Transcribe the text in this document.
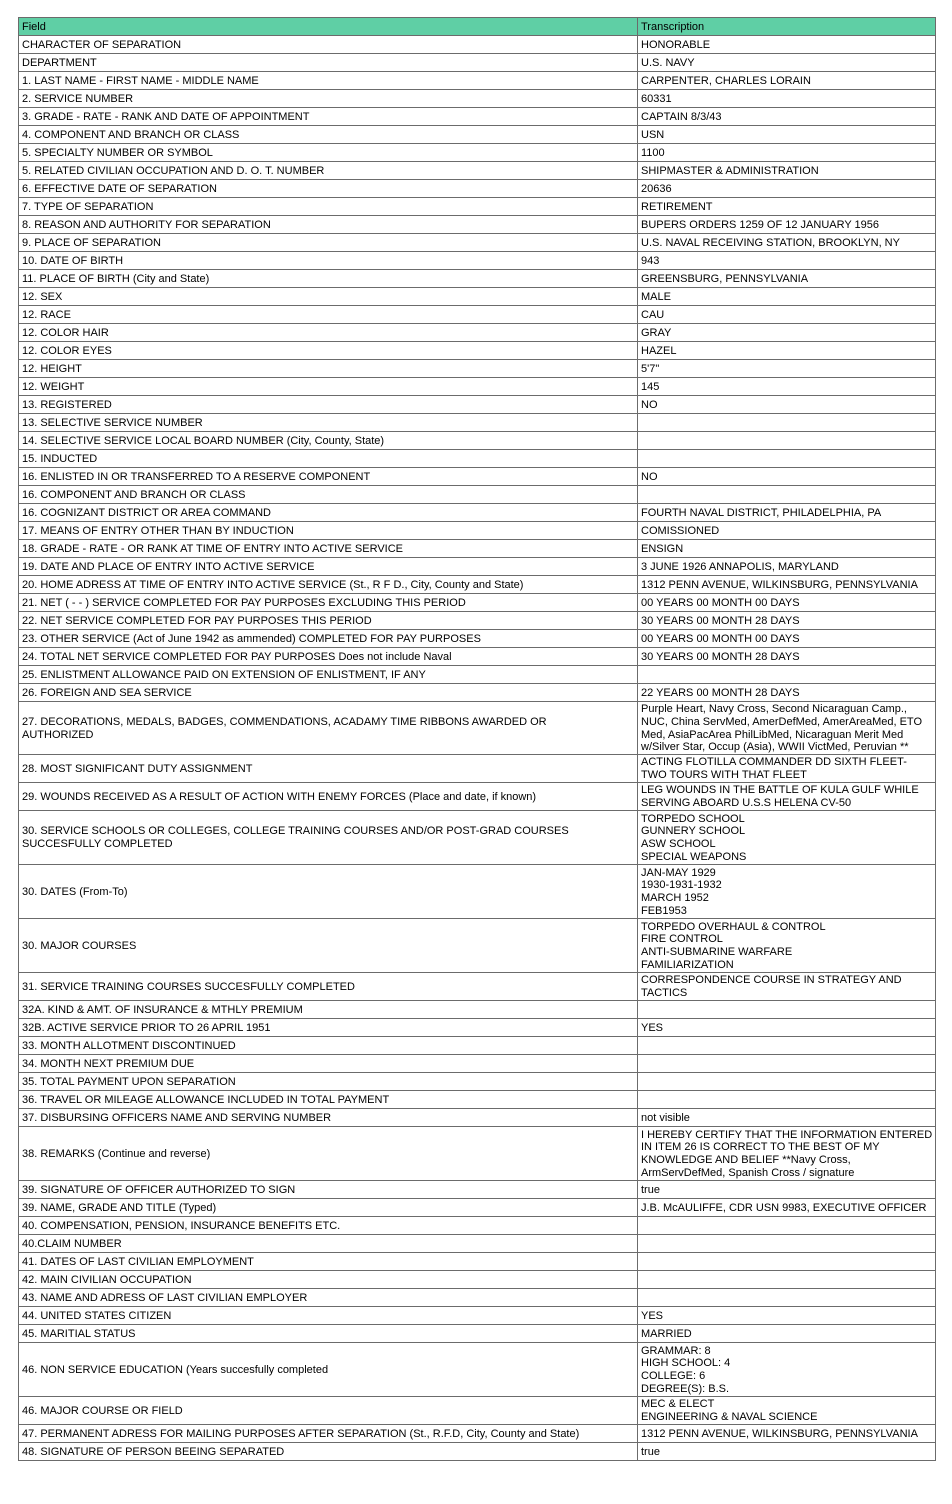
Field	Transcription
CHARACTER OF SEPARATION	HONORABLE
DEPARTMENT	U.S. NAVY
1. LAST NAME - FIRST NAME - MIDDLE NAME	CARPENTER, CHARLES LORAIN
2. SERVICE NUMBER	60331
3. GRADE - RATE - RANK AND DATE OF APPOINTMENT	CAPTAIN 8/3/43
4. COMPONENT AND BRANCH OR CLASS	USN
5. SPECIALTY NUMBER OR SYMBOL	1100
5. RELATED CIVILIAN OCCUPATION AND D. O. T. NUMBER	SHIPMASTER & ADMINISTRATION
6. EFFECTIVE DATE OF SEPARATION	20636
7. TYPE OF SEPARATION	RETIREMENT
8. REASON AND AUTHORITY FOR SEPARATION	BUPERS ORDERS 1259 OF 12 JANUARY 1956
9. PLACE OF SEPARATION	U.S. NAVAL RECEIVING STATION, BROOKLYN, NY
10. DATE OF BIRTH	943
11. PLACE OF BIRTH (City and State)	GREENSBURG, PENNSYLVANIA
12. SEX	MALE
12. RACE	CAU
12. COLOR HAIR	GRAY
12. COLOR EYES	HAZEL
12. HEIGHT	5'7"
12. WEIGHT	145
13. REGISTERED	NO
13. SELECTIVE SERVICE NUMBER	
14. SELECTIVE SERVICE LOCAL BOARD NUMBER (City, County, State)	
15. INDUCTED	
16. ENLISTED IN OR TRANSFERRED TO A RESERVE COMPONENT	NO
16. COMPONENT AND BRANCH OR CLASS	
16. COGNIZANT DISTRICT OR AREA COMMAND	FOURTH NAVAL DISTRICT, PHILADELPHIA, PA
17. MEANS OF ENTRY OTHER THAN BY INDUCTION	COMISSIONED
18. GRADE - RATE - OR RANK AT TIME OF ENTRY INTO ACTIVE SERVICE	ENSIGN
19. DATE AND PLACE OF ENTRY INTO ACTIVE SERVICE	3 JUNE 1926 ANNAPOLIS, MARYLAND
20. HOME ADRESS AT TIME OF ENTRY INTO ACTIVE SERVICE (St., R F D., City, County and State)	1312 PENN AVENUE, WILKINSBURG, PENNSYLVANIA
21. NET ( - - ) SERVICE COMPLETED FOR PAY PURPOSES EXCLUDING THIS PERIOD	00 YEARS 00 MONTH 00 DAYS
22. NET SERVICE COMPLETED FOR PAY PURPOSES THIS PERIOD	30 YEARS 00 MONTH 28 DAYS
23. OTHER SERVICE (Act of June 1942 as ammended) COMPLETED FOR PAY PURPOSES	00 YEARS 00 MONTH 00 DAYS
24. TOTAL NET SERVICE COMPLETED FOR PAY PURPOSES Does not include Naval	30 YEARS 00 MONTH 28 DAYS
25. ENLISTMENT ALLOWANCE PAID ON EXTENSION OF ENLISTMENT, IF ANY	
26. FOREIGN AND SEA SERVICE	22 YEARS 00 MONTH 28 DAYS
27. DECORATIONS, MEDALS, BADGES, COMMENDATIONS, ACADAMY TIME RIBBONS AWARDED OR AUTHORIZED	Purple Heart, Navy Cross, Second Nicaraguan Camp., NUC, China ServMed, AmerDefMed, AmerAreaMed, ETO Med, AsiaPacArea PhilLibMed, Nicaraguan Merit Med w/Silver Star, Occup (Asia), WWII VictMed, Peruvian **
28. MOST SIGNIFICANT DUTY ASSIGNMENT	ACTING FLOTILLA COMMANDER DD SIXTH FLEET- TWO TOURS WITH THAT FLEET
29. WOUNDS RECEIVED AS A RESULT OF ACTION WITH ENEMY FORCES (Place and date, if known)	LEG WOUNDS IN THE BATTLE OF KULA GULF WHILE SERVING ABOARD U.S.S HELENA CV-50
30. SERVICE SCHOOLS OR COLLEGES, COLLEGE TRAINING COURSES AND/OR POST-GRAD COURSES SUCCESFULLY COMPLETED	TORPEDO SCHOOL
GUNNERY SCHOOL
ASW SCHOOL
SPECIAL WEAPONS
30. DATES (From-To)	JAN-MAY 1929
1930-1931-1932
MARCH 1952
FEB1953
30. MAJOR COURSES	TORPEDO OVERHAUL & CONTROL
FIRE CONTROL
ANTI-SUBMARINE WARFARE
FAMILIARIZATION
31. SERVICE TRAINING COURSES SUCCESFULLY COMPLETED	CORRESPONDENCE COURSE IN STRATEGY AND TACTICS
32A. KIND & AMT. OF INSURANCE & MTHLY PREMIUM	
32B. ACTIVE SERVICE PRIOR TO 26 APRIL 1951	YES
33. MONTH ALLOTMENT DISCONTINUED	
34. MONTH NEXT PREMIUM DUE	
35. TOTAL PAYMENT UPON SEPARATION	
36. TRAVEL OR MILEAGE ALLOWANCE INCLUDED IN TOTAL PAYMENT	
37. DISBURSING OFFICERS NAME AND SERVING NUMBER	not visible
38. REMARKS (Continue and reverse)	I HEREBY CERTIFY THAT THE INFORMATION ENTERED IN ITEM 26 IS CORRECT TO THE BEST OF MY KNOWLEDGE AND BELIEF **Navy Cross, ArmServDefMed, Spanish Cross / signature
39. SIGNATURE OF OFFICER AUTHORIZED TO SIGN	true
39. NAME, GRADE AND TITLE (Typed)	J.B. McAULIFFE, CDR USN 9983, EXECUTIVE OFFICER
40. COMPENSATION, PENSION, INSURANCE BENEFITS ETC.	
40.CLAIM NUMBER	
41. DATES OF LAST CIVILIAN EMPLOYMENT	
42. MAIN CIVILIAN OCCUPATION	
43. NAME AND ADRESS OF LAST CIVILIAN EMPLOYER	
44. UNITED STATES CITIZEN	YES
45. MARITIAL STATUS	MARRIED
46. NON SERVICE EDUCATION (Years succesfully completed	GRAMMAR: 8
HIGH SCHOOL: 4
COLLEGE: 6
DEGREE(S): B.S.
46. MAJOR COURSE OR FIELD	MEC & ELECT
ENGINEERING & NAVAL SCIENCE
47. PERMANENT ADRESS FOR MAILING PURPOSES AFTER SEPARATION (St., R.F.D, City, County and State)	1312 PENN AVENUE, WILKINSBURG, PENNSYLVANIA
48. SIGNATURE OF PERSON BEEING SEPARATED	true
